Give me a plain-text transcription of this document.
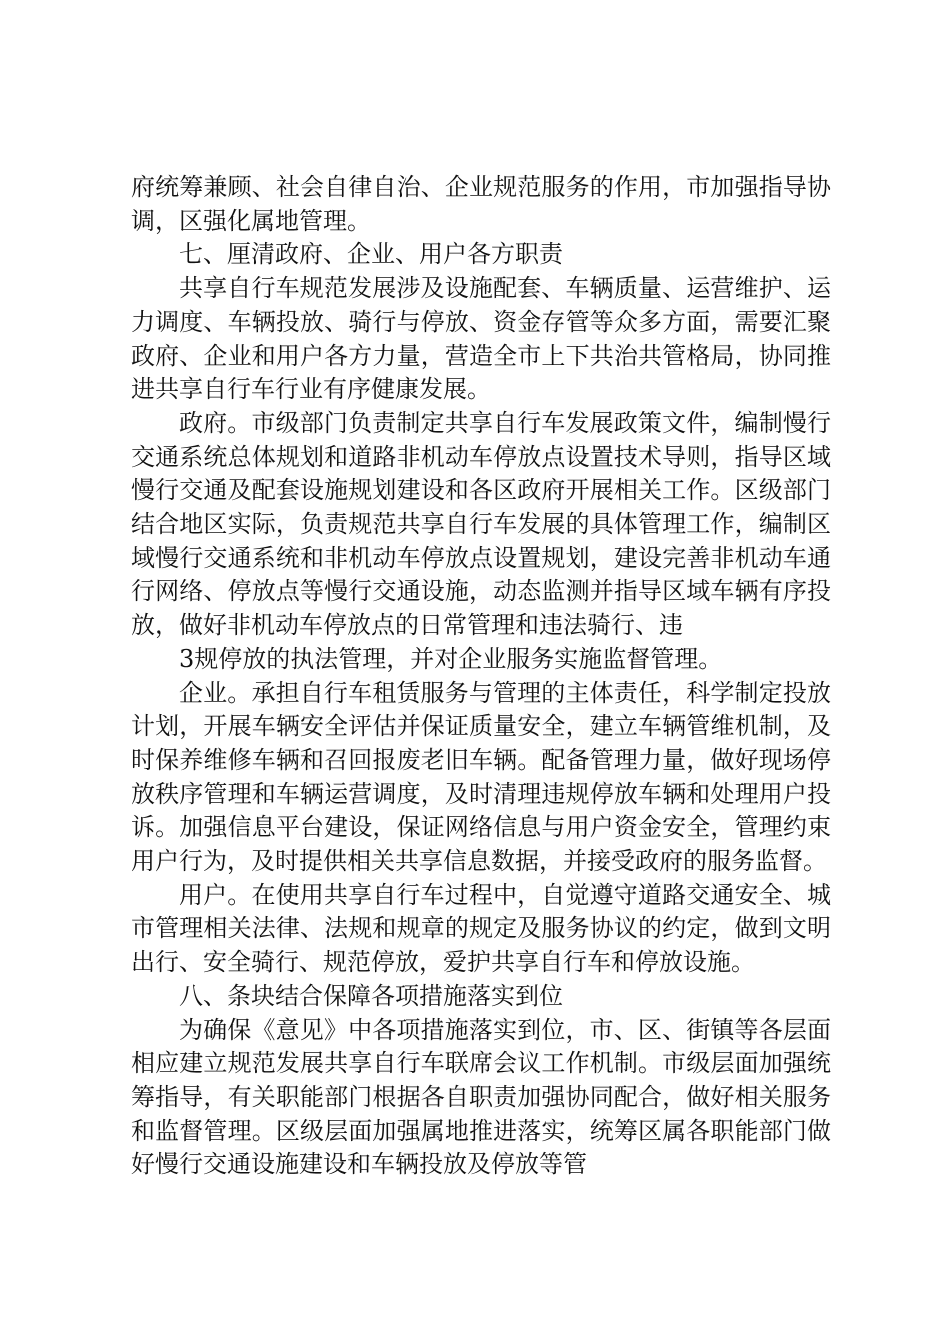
府统筹兼顾、社会自律自治、企业规范服务的作用，市加强指导协调，区强化属地管理。

七、厘清政府、企业、用户各方职责

共享自行车规范发展涉及设施配套、车辆质量、运营维护、运力调度、车辆投放、骑行与停放、资金存管等众多方面，需要汇聚政府、企业和用户各方力量，营造全市上下共治共管格局，协同推进共享自行车行业有序健康发展。

政府。市级部门负责制定共享自行车发展政策文件，编制慢行交通系统总体规划和道路非机动车停放点设置技术导则，指导区域慢行交通及配套设施规划建设和各区政府开展相关工作。区级部门结合地区实际，负责规范共享自行车发展的具体管理工作，编制区域慢行交通系统和非机动车停放点设置规划，建设完善非机动车通行网络、停放点等慢行交通设施，动态监测并指导区域车辆有序投放，做好非机动车停放点的日常管理和违法骑行、违

3规停放的执法管理，并对企业服务实施监督管理。

企业。承担自行车租赁服务与管理的主体责任，科学制定投放计划，开展车辆安全评估并保证质量安全，建立车辆管维机制，及时保养维修车辆和召回报废老旧车辆。配备管理力量，做好现场停放秩序管理和车辆运营调度，及时清理违规停放车辆和处理用户投诉。加强信息平台建设，保证网络信息与用户资金安全，管理约束用户行为，及时提供相关共享信息数据，并接受政府的服务监督。

用户。在使用共享自行车过程中，自觉遵守道路交通安全、城市管理相关法律、法规和规章的规定及服务协议的约定，做到文明出行、安全骑行、规范停放，爱护共享自行车和停放设施。

八、条块结合保障各项措施落实到位

为确保《意见》中各项措施落实到位，市、区、街镇等各层面相应建立规范发展共享自行车联席会议工作机制。市级层面加强统筹指导，有关职能部门根据各自职责加强协同配合，做好相关服务和监督管理。区级层面加强属地推进落实，统筹区属各职能部门做好慢行交通设施建设和车辆投放及停放等管
